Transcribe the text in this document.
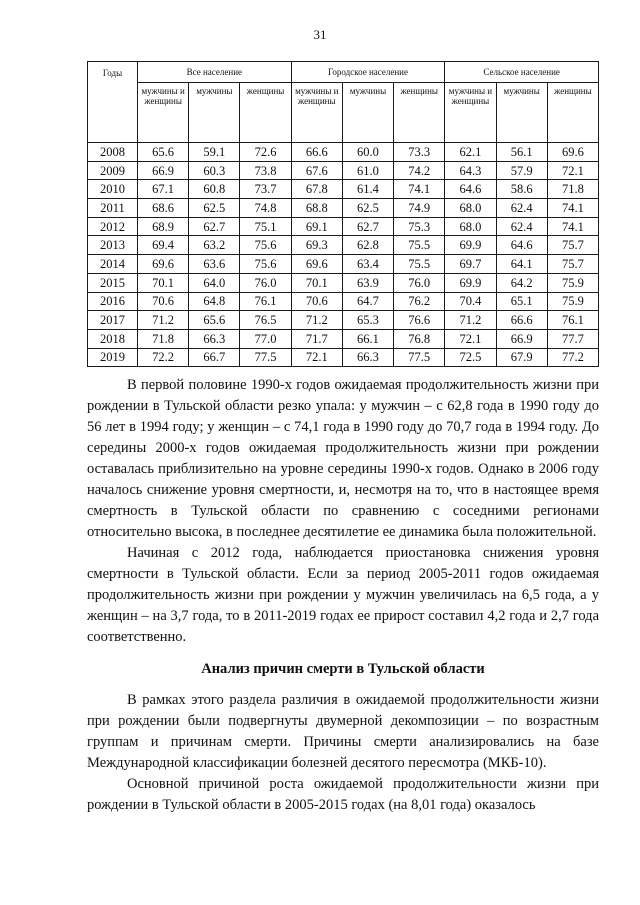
31
Годы	Все население			Городское население			Сельское население		
	мужчины и женщины	мужчины	женщины	мужчины и женщины	мужчины	женщины	мужчины и женщины	мужчины	женщины
2008	65.6	59.1	72.6	66.6	60.0	73.3	62.1	56.1	69.6
2009	66.9	60.3	73.8	67.6	61.0	74.2	64.3	57.9	72.1
2010	67.1	60.8	73.7	67.8	61.4	74.1	64.6	58.6	71.8
2011	68.6	62.5	74.8	68.8	62.5	74.9	68.0	62.4	74.1
2012	68.9	62.7	75.1	69.1	62.7	75.3	68.0	62.4	74.1
2013	69.4	63.2	75.6	69.3	62.8	75.5	69.9	64.6	75.7
2014	69.6	63.6	75.6	69.6	63.4	75.5	69.7	64.1	75.7
2015	70.1	64.0	76.0	70.1	63.9	76.0	69.9	64.2	75.9
2016	70.6	64.8	76.1	70.6	64.7	76.2	70.4	65.1	75.9
2017	71.2	65.6	76.5	71.2	65.3	76.6	71.2	66.6	76.1
2018	71.8	66.3	77.0	71.7	66.1	76.8	72.1	66.9	77.7
2019	72.2	66.7	77.5	72.1	66.3	77.5	72.5	67.9	77.2

В первой половине 1990-х годов ожидаемая продолжительность жизни при рождении в Тульской области резко упала: у мужчин – с 62,8 года в 1990 году до 56 лет в 1994 году; у женщин – с 74,1 года в 1990 году до 70,7 года в 1994 году. До середины 2000-х годов ожидаемая продолжительность жизни при рождении оставалась приблизительно на уровне середины 1990-х годов. Однако в 2006 году началось снижение уровня смертности, и, несмотря на то, что в настоящее время смертность в Тульской области по сравнению с соседними регионами относительно высока, в последнее десятилетие ее динамика была положительной.

Начиная с 2012 года, наблюдается приостановка снижения уровня смертности в Тульской области. Если за период 2005-2011 годов ожидаемая продолжительность жизни при рождении у мужчин увеличилась на 6,5 года, а у женщин – на 3,7 года, то в 2011-2019 годах ее прирост составил 4,2 года и 2,7 года соответственно.

Анализ причин смерти в Тульской области

В рамках этого раздела различия в ожидаемой продолжительности жизни при рождении были подвергнуты двумерной декомпозиции – по возрастным группам и причинам смерти. Причины смерти анализировались на базе Международной классификации болезней десятого пересмотра (МКБ-10).

Основной причиной роста ожидаемой продолжительности жизни при рождении в Тульской области в 2005-2015 годах (на 8,01 года) оказалось
